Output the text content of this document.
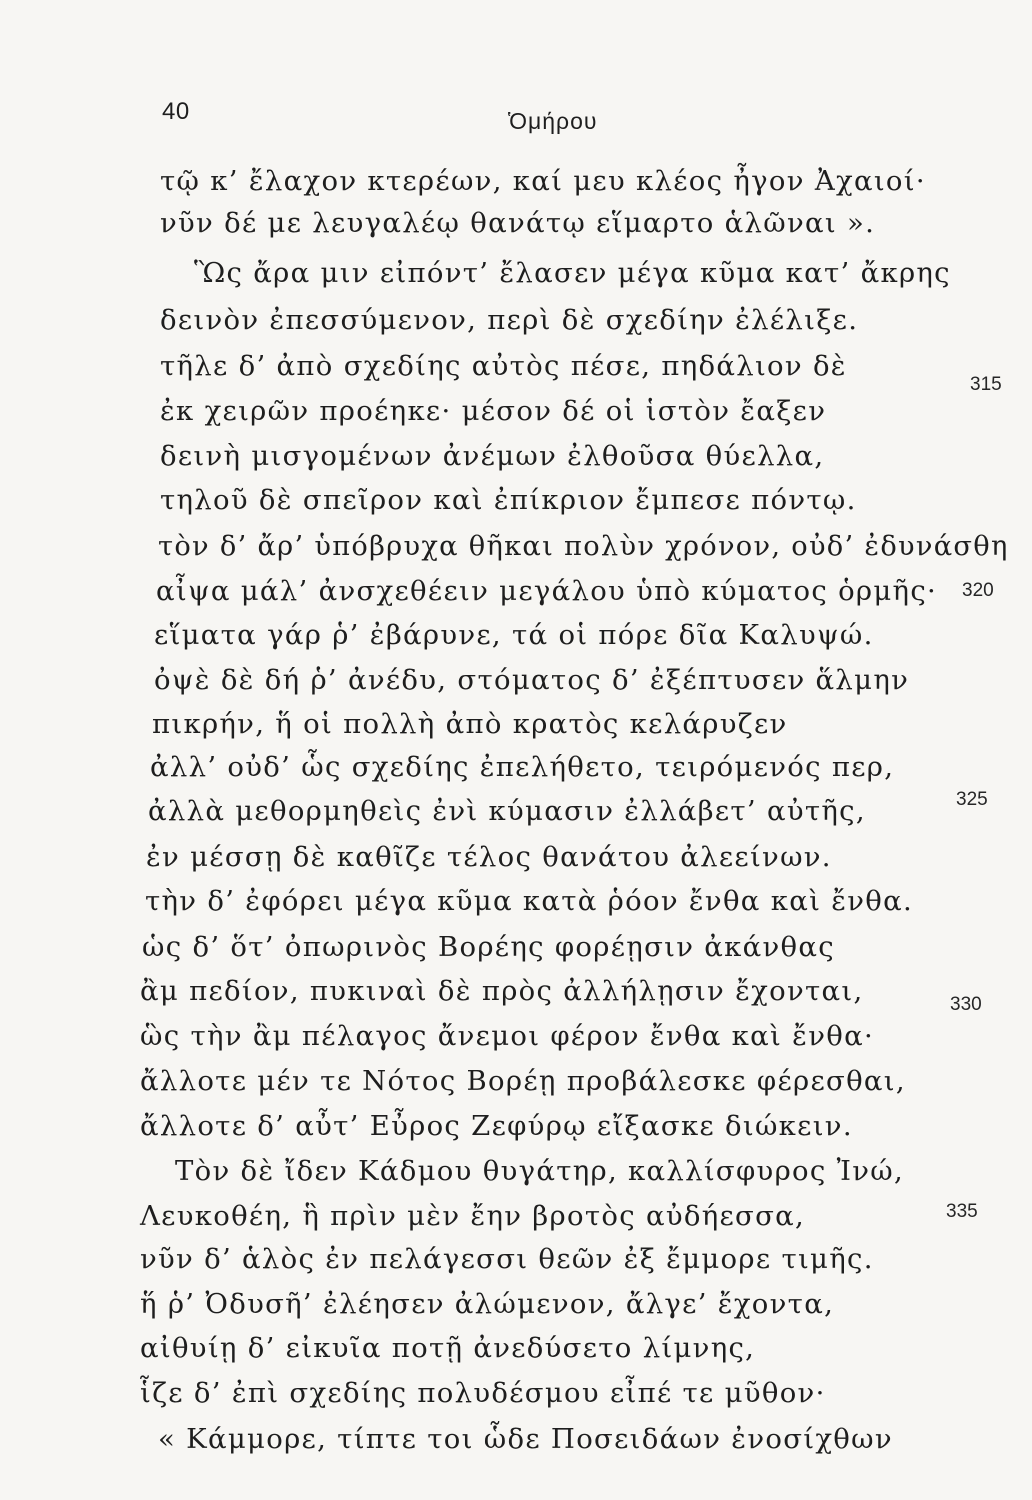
40	Ὁμήρου
τῷ κ’ ἔλαχον κτερέων, καί μευ κλέος ἦγον Ἀχαιοί·
νῦν δέ με λευγαλέῳ θανάτῳ εἵμαρτο ἁλῶναι ».
Ὣς ἄρα μιν εἰπόντ’ ἔλασεν μέγα κῦμα κατ’ ἄκρης
δεινὸν ἐπεσσύμενον, περὶ δὲ σχεδίην ἐλέλιξε.
τῆλε δ’ ἀπὸ σχεδίης αὐτὸς πέσε, πηδάλιον δὲ
ἐκ χειρῶν προέηκε· μέσον δέ οἱ ἱστὸν ἔαξεν
δεινὴ μισγομένων ἀνέμων ἐλθοῦσα θύελλα,
τηλοῦ δὲ σπεῖρον καὶ ἐπίκριον ἔμπεσε πόντῳ.
τὸν δ’ ἄρ’ ὑπόβρυχα θῆκαι πολὺν χρόνον, οὐδ’ ἐδυνάσθη
αἶψα μάλ’ ἀνσχεθέειν μεγάλου ὑπὸ κύματος ὁρμῆς·
εἵματα γάρ ῥ’ ἐβάρυνε, τά οἱ πόρε δῖα Καλυψώ.
ὀψὲ δὲ δή ῥ’ ἀνέδυ, στόματος δ’ ἐξέπτυσεν ἅλμην
πικρήν, ἥ οἱ πολλὴ ἀπὸ κρατὸς κελάρυζεν
ἀλλ’ οὐδ’ ὧς σχεδίης ἐπελήθετο, τειρόμενός περ,
ἀλλὰ μεθορμηθεὶς ἐνὶ κύμασιν ἐλλάβετ’ αὐτῆς,
ἐν μέσσῃ δὲ καθῖζε τέλος θανάτου ἀλεείνων.
τὴν δ’ ἐφόρει μέγα κῦμα κατὰ ῥόον ἔνθα καὶ ἔνθα.
ὡς δ’ ὅτ’ ὀπωρινὸς Βορέης φορέῃσιν ἀκάνθας
ἂμ πεδίον, πυκιναὶ δὲ πρὸς ἀλλήλῃσιν ἔχονται,
ὣς τὴν ἂμ πέλαγος ἄνεμοι φέρον ἔνθα καὶ ἔνθα·
ἄλλοτε μέν τε Νότος Βορέῃ προβάλεσκε φέρεσθαι,
ἄλλοτε δ’ αὖτ’ Εὖρος Ζεφύρῳ εἴξασκε διώκειν.
Τὸν δὲ ἴδεν Κάδμου θυγάτηρ, καλλίσφυρος Ἰνώ,
Λευκοθέη, ἣ πρὶν μὲν ἔην βροτὸς αὐδήεσσα,
νῦν δ’ ἁλὸς ἐν πελάγεσσι θεῶν ἐξ ἔμμορε τιμῆς.
ἥ ῥ’ Ὀδυσῆ’ ἐλέησεν ἀλώμενον, ἄλγε’ ἔχοντα,
αἰθυίῃ δ’ εἰκυῖα ποτῇ ἀνεδύσετο λίμνης,
ἷζε δ’ ἐπὶ σχεδίης πολυδέσμου εἶπέ τε μῦθον·
« Κάμμορε, τίπτε τοι ὧδε Ποσειδάων ἐνοσίχθων
315
320
325
330
335
